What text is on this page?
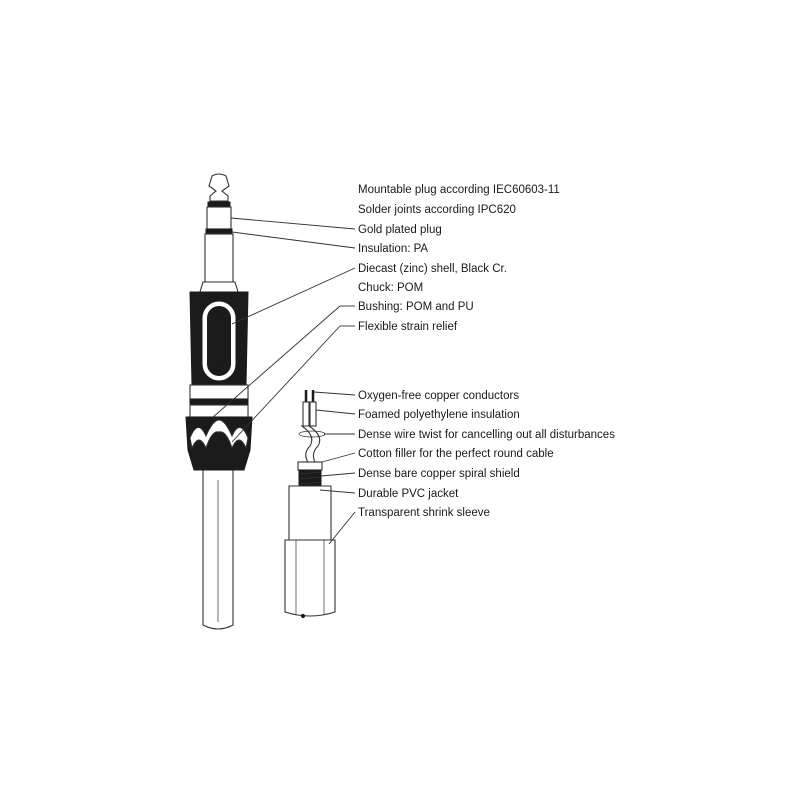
NEUTRIK
Mountable plug according IEC60603-11
Solder joints according IPC620
Gold plated plug
Insulation: PA
Diecast (zinc) shell, Black Cr.
Chuck: POM
Bushing: POM and PU
Flexible strain relief
Oxygen-free copper conductors
Foamed polyethylene insulation
Dense wire twist for cancelling out all disturbances
Cotton filler for the perfect round cable
Dense bare copper spiral shield
Durable PVC jacket
Transparent shrink sleeve
